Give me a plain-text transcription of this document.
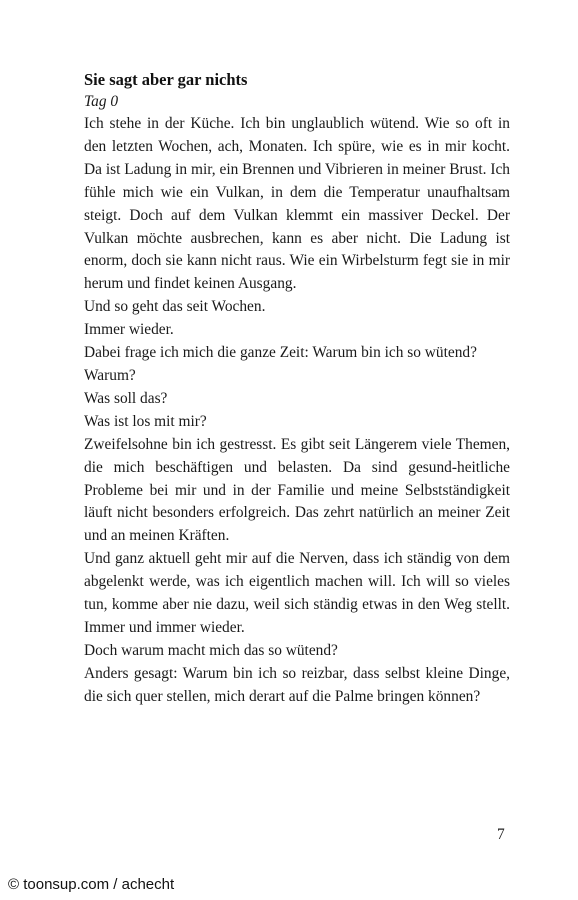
Sie sagt aber gar nichts

Tag 0

Ich stehe in der Küche. Ich bin unglaublich wütend. Wie so oft in den letzten Wochen, ach, Monaten. Ich spüre, wie es in mir kocht. Da ist Ladung in mir, ein Brennen und Vibrieren in meiner Brust. Ich fühle mich wie ein Vulkan, in dem die Temperatur unaufhaltsam steigt. Doch auf dem Vulkan klemmt ein massiver Deckel. Der Vulkan möchte ausbrechen, kann es aber nicht. Die Ladung ist enorm, doch sie kann nicht raus. Wie ein Wirbelsturm fegt sie in mir herum und findet keinen Ausgang.

Und so geht das seit Wochen.

Immer wieder.

Dabei frage ich mich die ganze Zeit: Warum bin ich so wütend?

Warum?

Was soll das?

Was ist los mit mir?

Zweifelsohne bin ich gestresst. Es gibt seit Längerem viele Themen, die mich beschäftigen und belasten. Da sind gesund-heitliche Probleme bei mir und in der Familie und meine Selbstständigkeit läuft nicht besonders erfolgreich. Das zehrt natürlich an meiner Zeit und an meinen Kräften.

Und ganz aktuell geht mir auf die Nerven, dass ich ständig von dem abgelenkt werde, was ich eigentlich machen will. Ich will so vieles tun, komme aber nie dazu, weil sich ständig etwas in den Weg stellt. Immer und immer wieder.

Doch warum macht mich das so wütend?

Anders gesagt: Warum bin ich so reizbar, dass selbst kleine Dinge, die sich quer stellen, mich derart auf die Palme bringen können?

7
© toonsup.com / achecht
